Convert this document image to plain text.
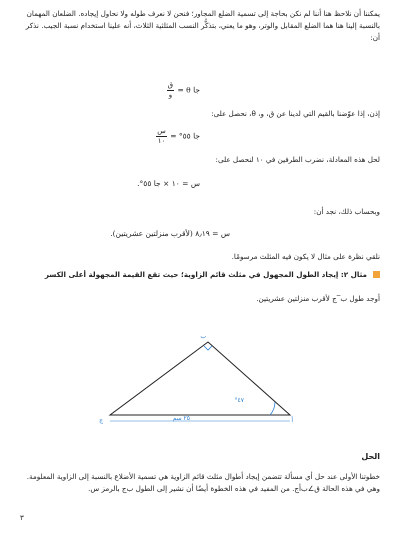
يمكننا أن نلاحظ هنا أننا لم نكن بحاجة إلى تسمية الضلع المجاور؛ فنحن لا نعرف طوله ولا نحاول إيجاده. الضلعان المهمان بالنسبة إلينا هنا هما الضلع المقابل والوتر، وهو ما يعني، بتذكُّر النسب المثلثية الثلاث، أنه علينا استخدام نسبة الجيب. نذكر أن:

جا θ =
$\frac{\text{ق}}{\text{و}}$

إذن، إذا عوّضنا بالقيم التي لدينا عن ق، و، θ، نحصل على:

جا ٥٥° =
$\frac{\text{س}}{١٠}$

لحل هذه المعادلة، نضرب الطرفين في ١٠ لنحصل على:

س = ١٠ × جا ٥٥°.

وبحساب ذلك، نجد أن:

س = ٨٫١٩ (لأقرب منزلتين عشريتين).

نلقي نظرة على مثال لا يكون فيه المثلث مرسومًا.

مثال ٢: إيجاد الطول المجهول في مثلث قائم الزاوية؛ حيث تقع القيمة المجهولة أعلى الكسر

أوجد طول ب‾ج لأقرب منزلتين عشريتين.

ج	أ
ب
٤٧°
٢٥ سم
الحل

خطوتنا الأولى عند حل أي مسألة تتضمن إيجاد أطوال مثلث قائم الزاوية هي تسمية الأضلاع بالنسبة إلى الزاوية المعلومة. وهي في هذه الحالة ق∠ب‌أج. من المفيد في هذه الخطوة أيضًا أن نشير إلى الطول ب‌ج بالرمز س.

٣
